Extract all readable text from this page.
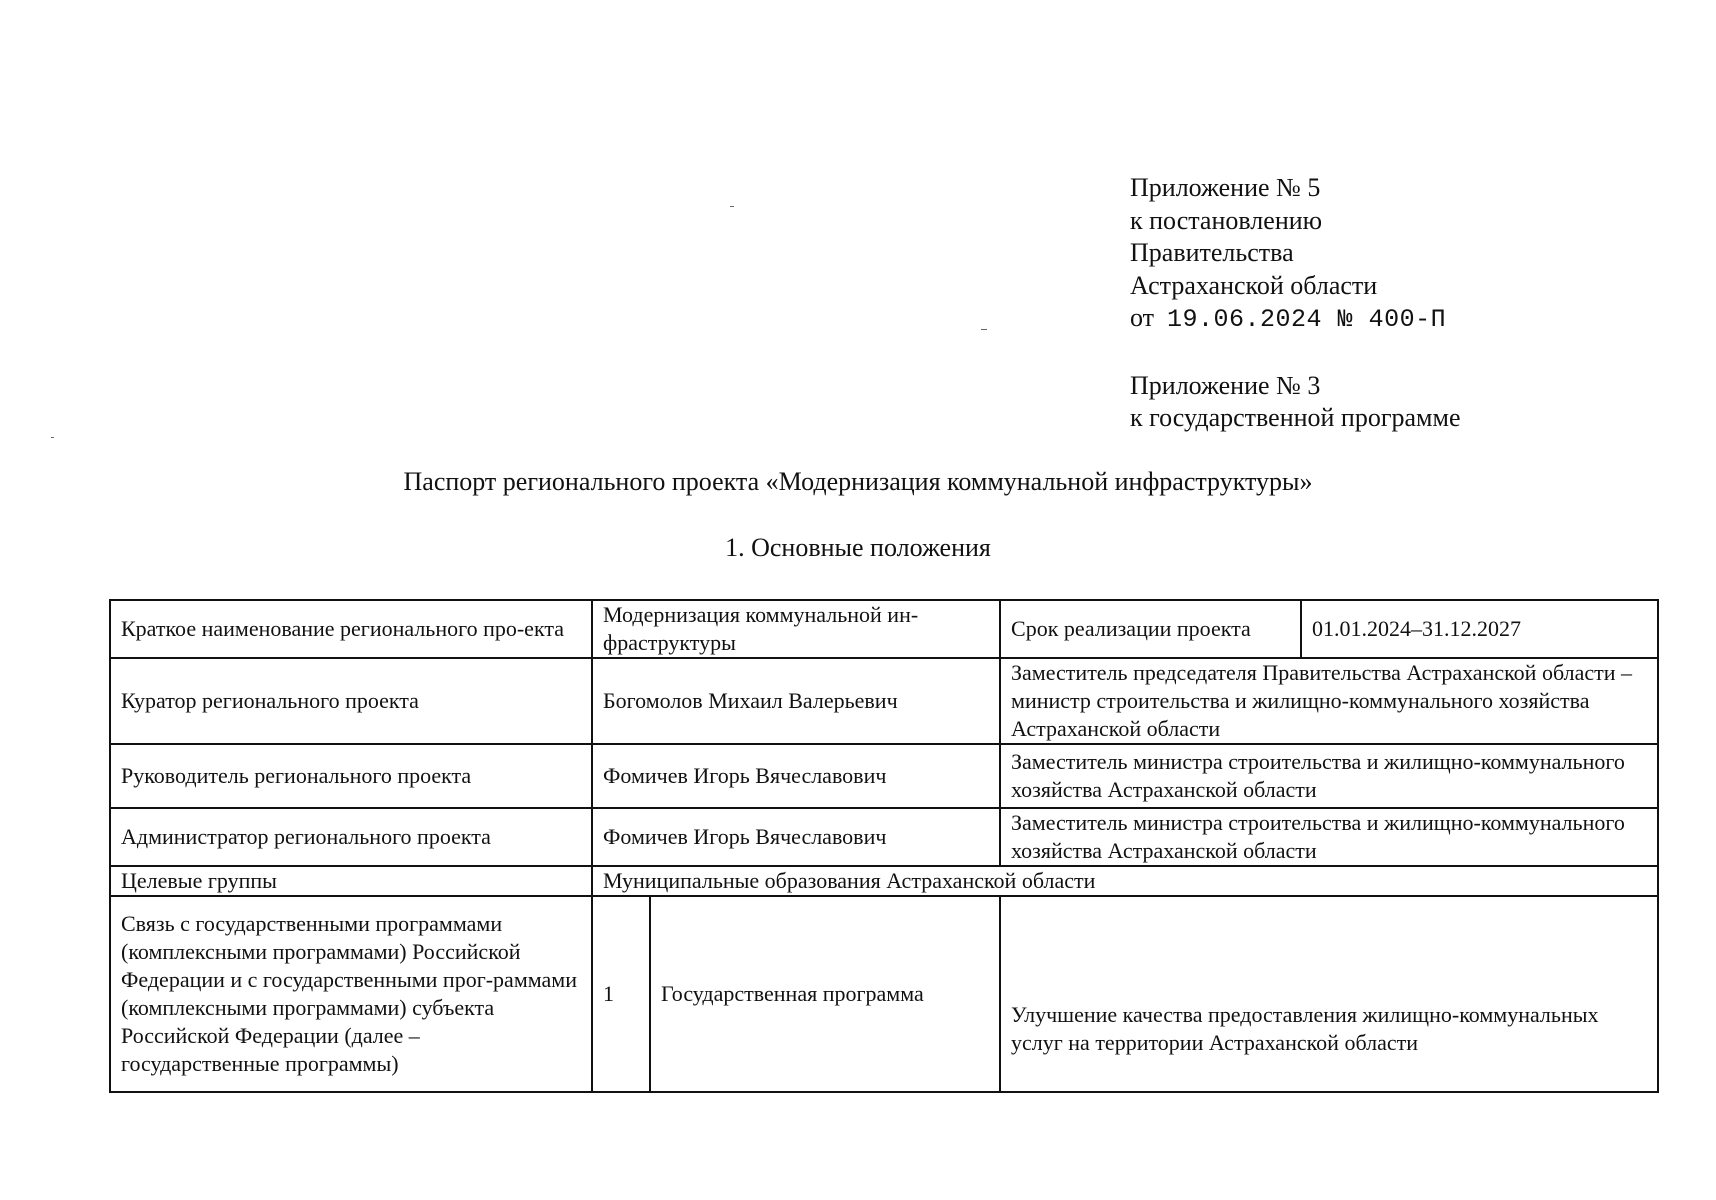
Приложение № 5
к постановлению
Правительства
Астраханской области
от 19.06.2024 № 400-П
Приложение № 3
к государственной программе
Паспорт регионального проекта «Модернизация коммунальной инфраструктуры»
1. Основные положения
Краткое наименование регионального про-екта	Модернизация коммунальной ин-фраструктуры		Срок реализации проекта	01.01.2024–31.12.2027
Куратор регионального проекта	Богомолов Михаил Валерьевич		Заместитель председателя Правительства Астраханской области – министр строительства и жилищно-коммунального хозяйства Астраханской области	
Руководитель регионального проекта	Фомичев Игорь Вячеславович		Заместитель министра строительства и жилищно-коммунального хозяйства Астраханской области	
Администратор регионального проекта	Фомичев Игорь Вячеславович		Заместитель министра строительства и жилищно-коммунального хозяйства Астраханской области	
Целевые группы	Муниципальные образования Астраханской области			
Связь с государственными программами (комплексными программами) Российской Федерации и с государственными прог-раммами (комплексными программами) субъекта Российской Федерации (далее – государственные программы)	1	Государственная программа	Улучшение качества предоставления жилищно-коммунальных услуг на территории Астраханской области	
